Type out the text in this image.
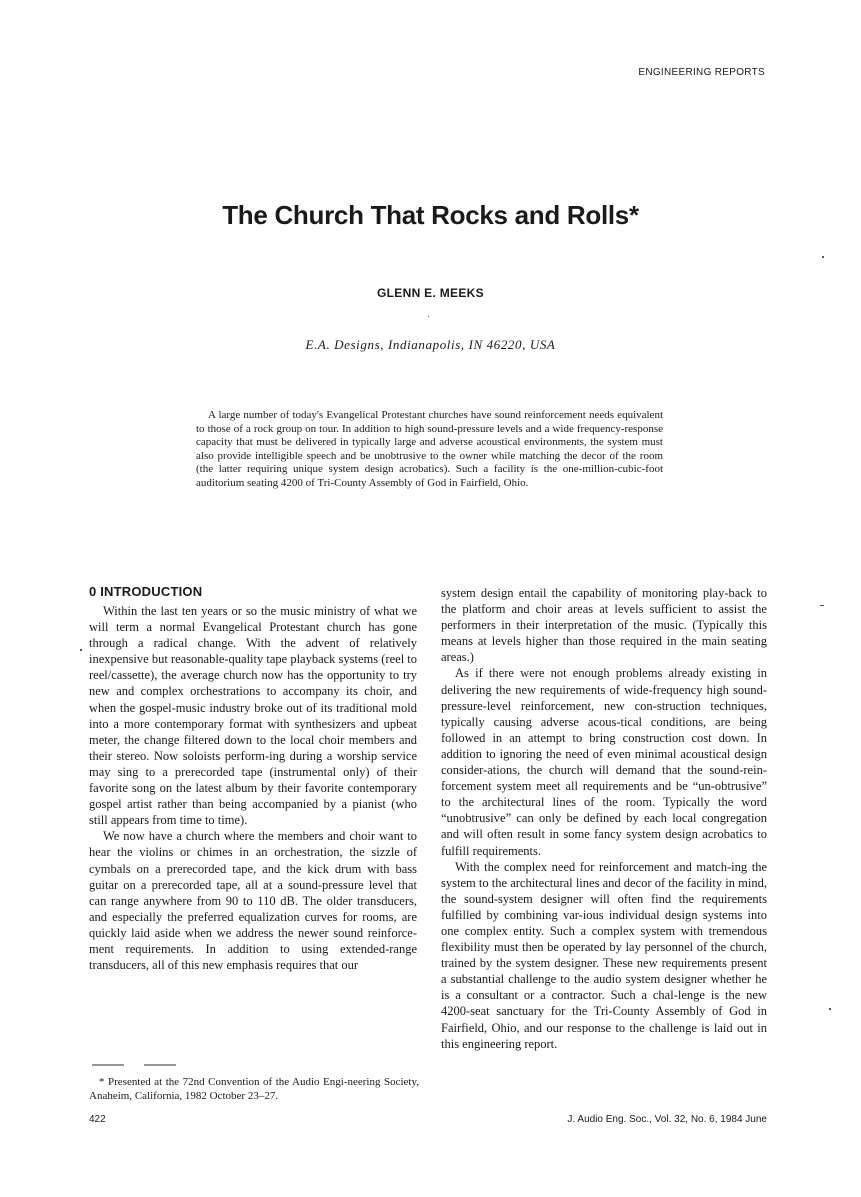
ENGINEERING REPORTS
The Church That Rocks and Rolls*
GLENN E. MEEKS
E.A. Designs, Indianapolis, IN 46220, USA

A large number of today's Evangelical Protestant churches have sound reinforcement needs equivalent to those of a rock group on tour. In addition to high sound-pressure levels and a wide frequency-response capacity that must be delivered in typically large and adverse acoustical environments, the system must also provide intelligible speech and be unobtrusive to the owner while matching the decor of the room (the latter requiring unique system design acrobatics). Such a facility is the one-million-cubic-foot auditorium seating 4200 of Tri-County Assembly of God in Fairfield, Ohio.

0 INTRODUCTION

Within the last ten years or so the music ministry of what we will term a normal Evangelical Protestant church has gone through a radical change. With the advent of relatively inexpensive but reasonable-quality tape playback systems (reel to reel/cassette), the average church now has the opportunity to try new and complex orchestrations to accompany its choir, and when the gospel-music industry broke out of its traditional mold into a more contemporary format with synthesizers and upbeat meter, the change filtered down to the local choir members and their stereo. Now soloists perform-ing during a worship service may sing to a prerecorded tape (instrumental only) of their favorite song on the latest album by their favorite contemporary gospel artist rather than being accompanied by a pianist (who still appears from time to time).

We now have a church where the members and choir want to hear the violins or chimes in an orchestration, the sizzle of cymbals on a prerecorded tape, and the kick drum with bass guitar on a prerecorded tape, all at a sound-pressure level that can range anywhere from 90 to 110 dB. The older transducers, and especially the preferred equalization curves for rooms, are quickly laid aside when we address the newer sound reinforce-ment requirements. In addition to using extended-range transducers, all of this new emphasis requires that our

system design entail the capability of monitoring play-back to the platform and choir areas at levels sufficient to assist the performers in their interpretation of the music. (Typically this means at levels higher than those required in the main seating areas.)

As if there were not enough problems already existing in delivering the new requirements of wide-frequency high sound-pressure-level reinforcement, new con-struction techniques, typically causing adverse acous-tical conditions, are being followed in an attempt to bring construction cost down. In addition to ignoring the need of even minimal acoustical design consider-ations, the church will demand that the sound-rein-forcement system meet all requirements and be “un-obtrusive” to the architectural lines of the room. Typically the word “unobtrusive” can only be defined by each local congregation and will often result in some fancy system design acrobatics to fulfill requirements.

With the complex need for reinforcement and match-ing the system to the architectural lines and decor of the facility in mind, the sound-system designer will often find the requirements fulfilled by combining var-ious individual design systems into one complex entity. Such a complex system with tremendous flexibility must then be operated by lay personnel of the church, trained by the system designer. These new requirements present a substantial challenge to the audio system designer whether he is a consultant or a contractor. Such a chal-lenge is the new 4200-seat sanctuary for the Tri-County Assembly of God in Fairfield, Ohio, and our response to the challenge is laid out in this engineering report.

* Presented at the 72nd Convention of the Audio Engi-neering Society, Anaheim, California, 1982 October 23–27.

422	J. Audio Eng. Soc., Vol. 32, No. 6, 1984 June
